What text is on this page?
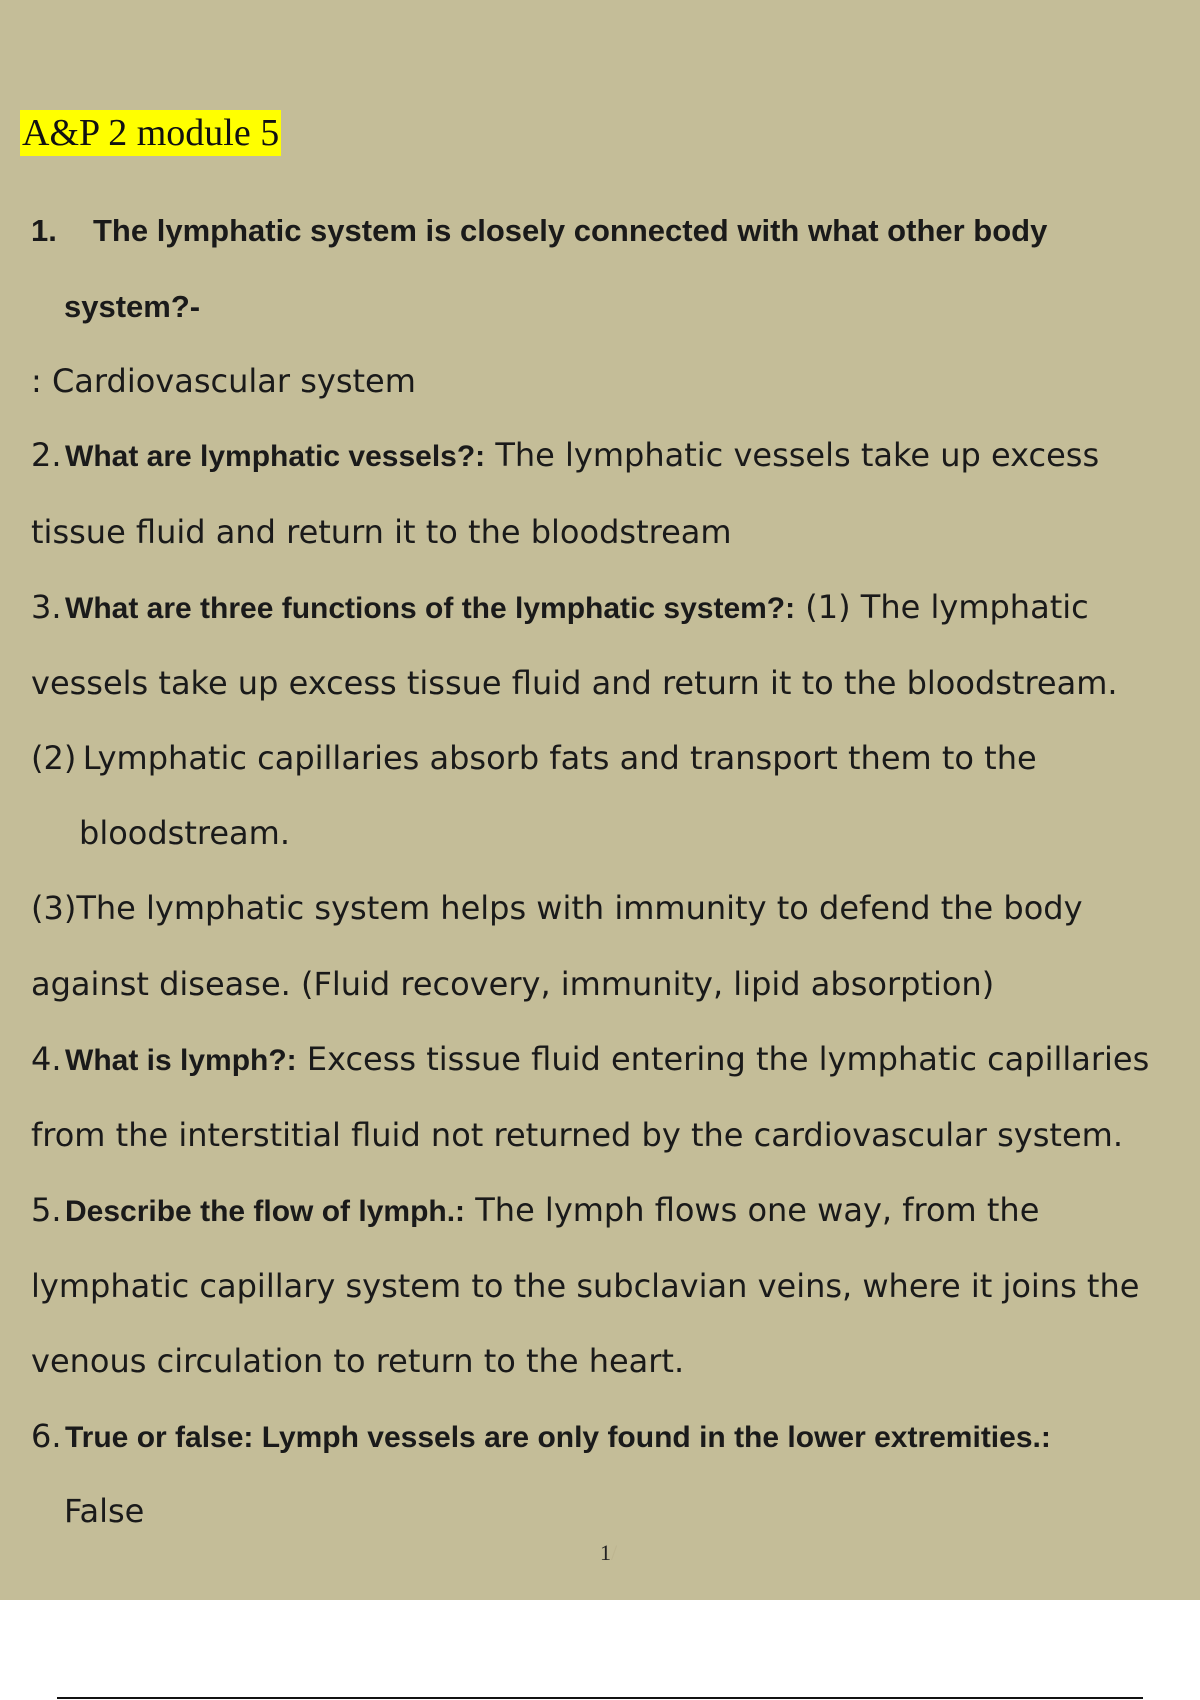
A&P 2 module 5
1. The lymphatic system is closely connected with what other body
system?-
: Cardiovascular system
2. What are lymphatic vessels?: The lymphatic vessels take up excess
tissue fluid and return it to the bloodstream
3. What are three functions of the lymphatic system?: (1) The lymphatic
vessels take up excess tissue fluid and return it to the bloodstream.
(2) Lymphatic capillaries absorb fats and transport them to the
bloodstream.
(3)The lymphatic system helps with immunity to defend the body
against disease. (Fluid recovery, immunity, lipid absorption)
4. What is lymph?: Excess tissue fluid entering the lymphatic capillaries
from the interstitial fluid not returned by the cardiovascular system.
5. Describe the flow of lymph.: The lymph flows one way, from the
lymphatic capillary system to the subclavian veins, where it joins the
venous circulation to return to the heart.
6. True or false: Lymph vessels are only found in the lower extremities.:
False
1/
